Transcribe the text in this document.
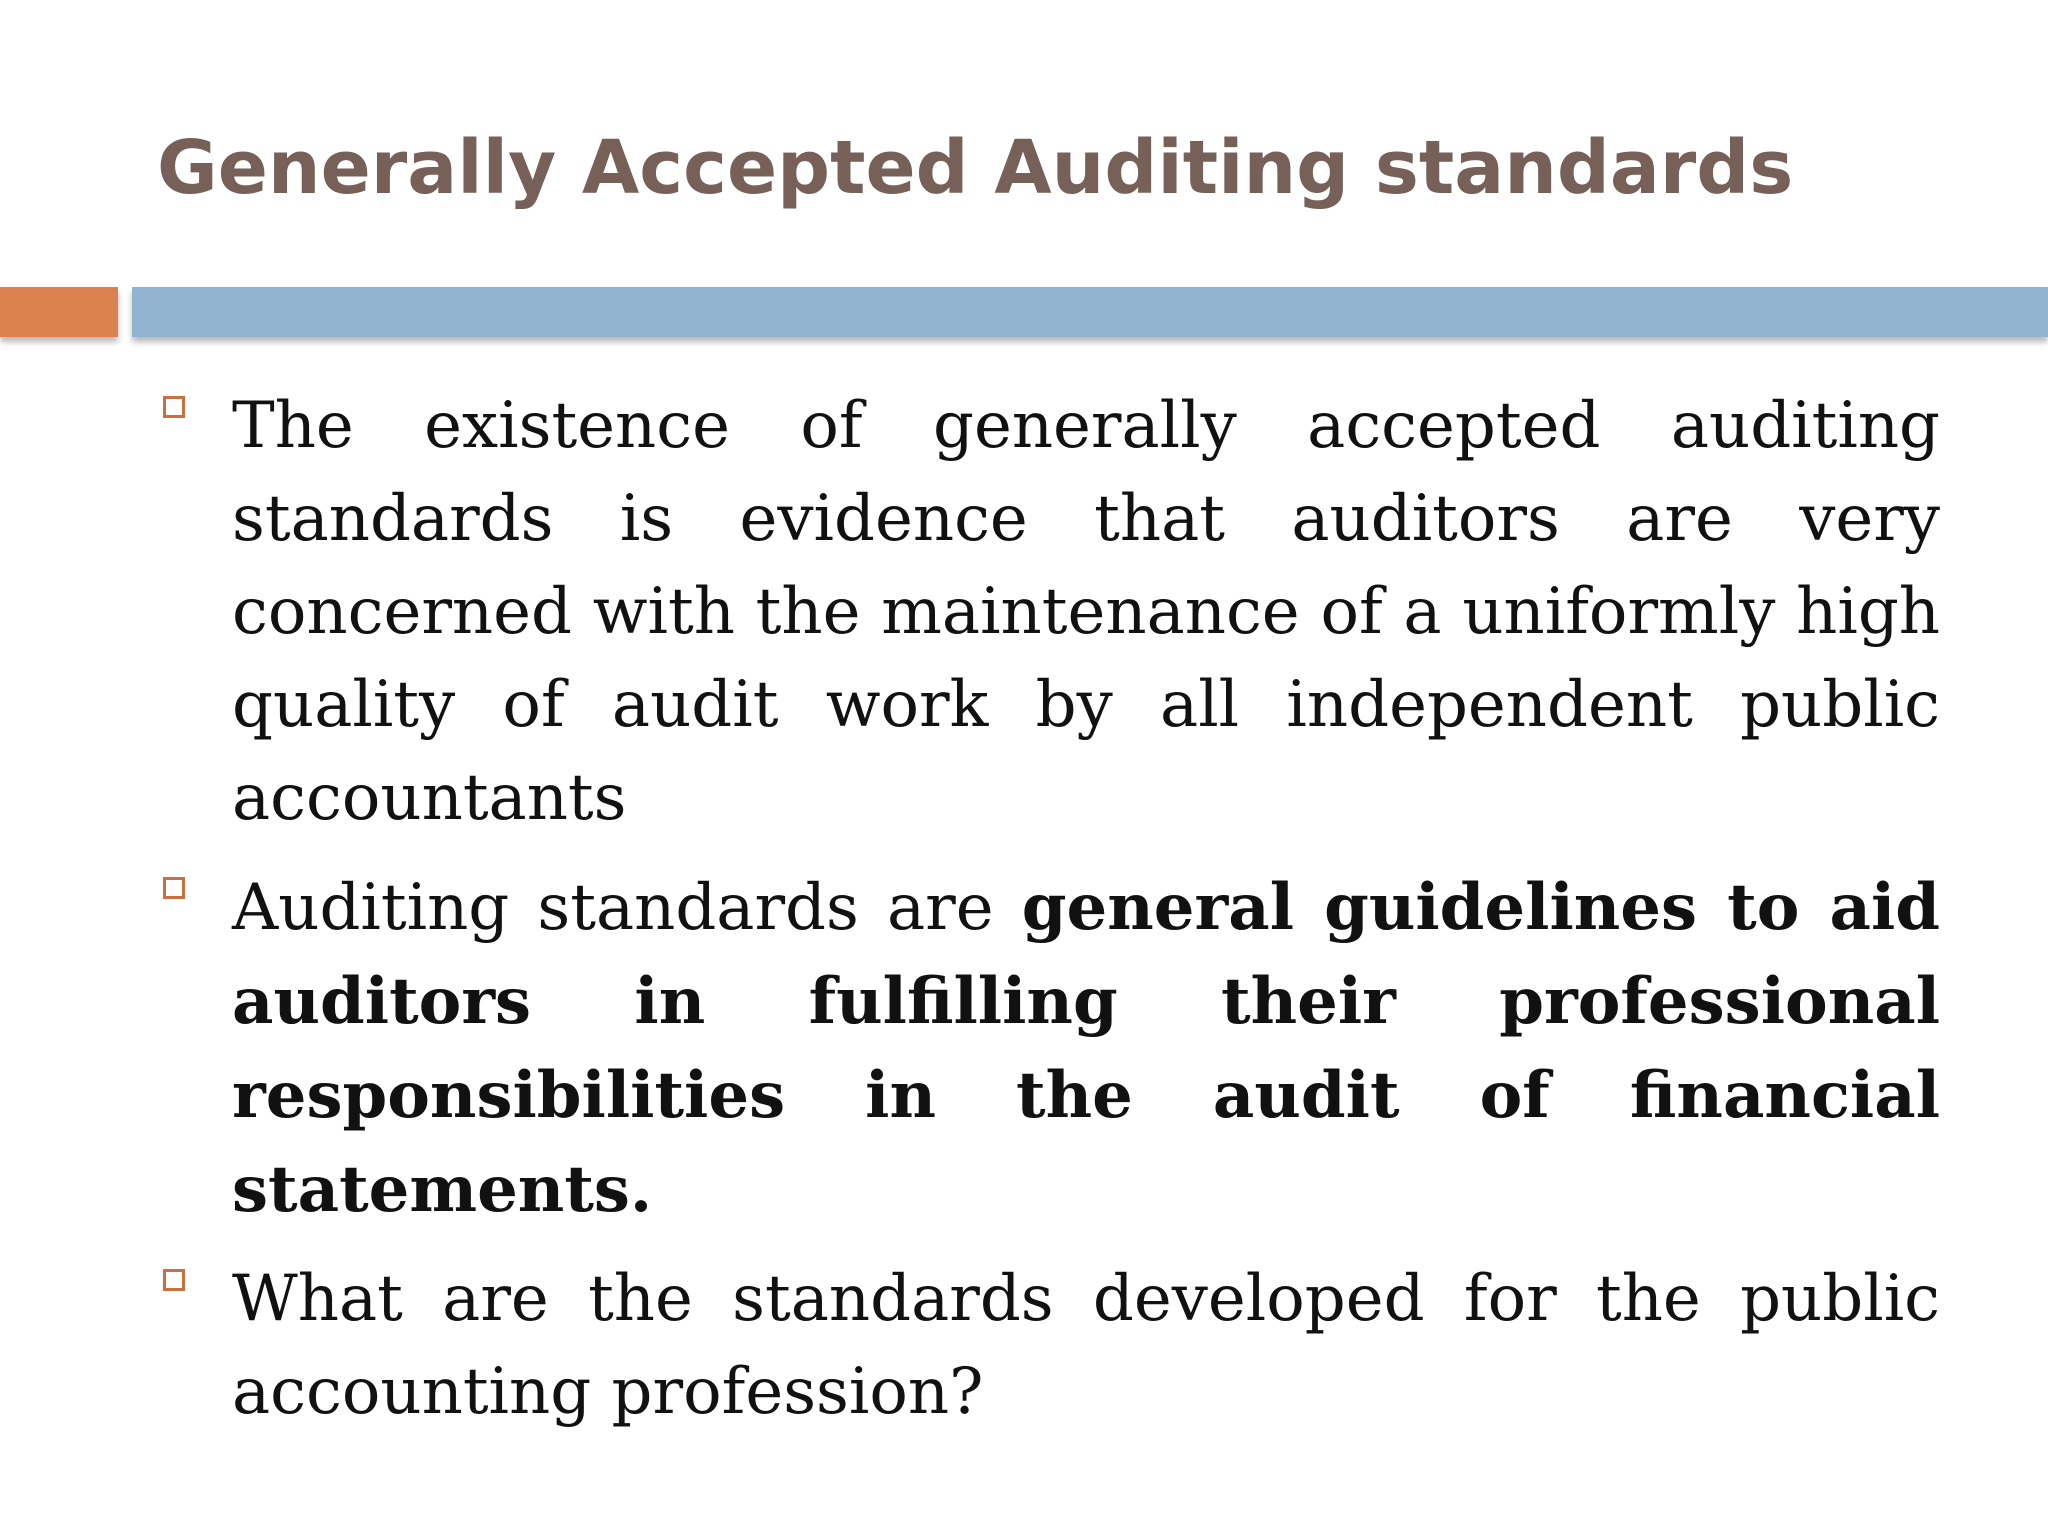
Generally Accepted Auditing standards
The existence of generally accepted auditing standards is evidence that auditors are very concerned with the maintenance of a uniformly high quality of audit work by all independent public accountants
Auditing standards are general guidelines to aid auditors in fulfilling their professional responsibilities in the audit of financial statements.
What are the standards developed for the public accounting profession?
